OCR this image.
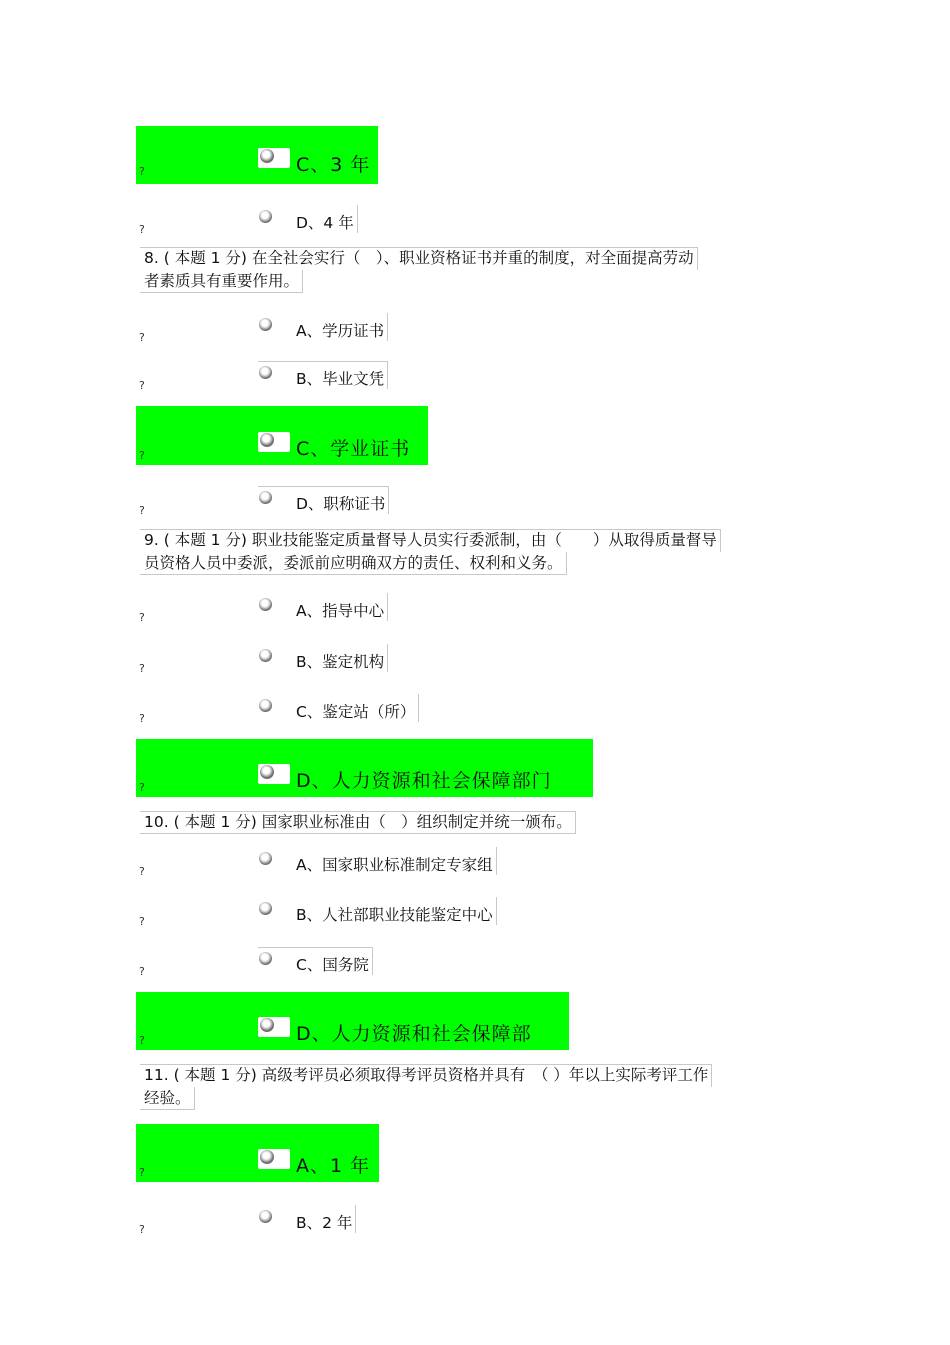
?	C、3 年
?	D、4 年
8. ( 本题 1 分) 在全社会实行（　）、职业资格证书并重的制度，对全面提高劳动
者素质具有重要作用。
?	A、学历证书
?	B、毕业文凭
?	C、学业证书
?	D、职称证书
9. ( 本题 1 分) 职业技能鉴定质量督导人员实行委派制，由（　　）从取得质量督导
员资格人员中委派，委派前应明确双方的责任、权利和义务。
?	A、指导中心
?	B、鉴定机构
?	C、鉴定站（所）
?	D、人力资源和社会保障部门
10. ( 本题 1 分) 国家职业标准由（　）组织制定并统一颁布。
?	A、国家职业标准制定专家组
?	B、人社部职业技能鉴定中心
?	C、国务院
?	D、人力资源和社会保障部
11. ( 本题 1 分) 高级考评员必须取得考评员资格并具有　（ ）年以上实际考评工作
经验。
?	A、1 年
?	B、2 年
